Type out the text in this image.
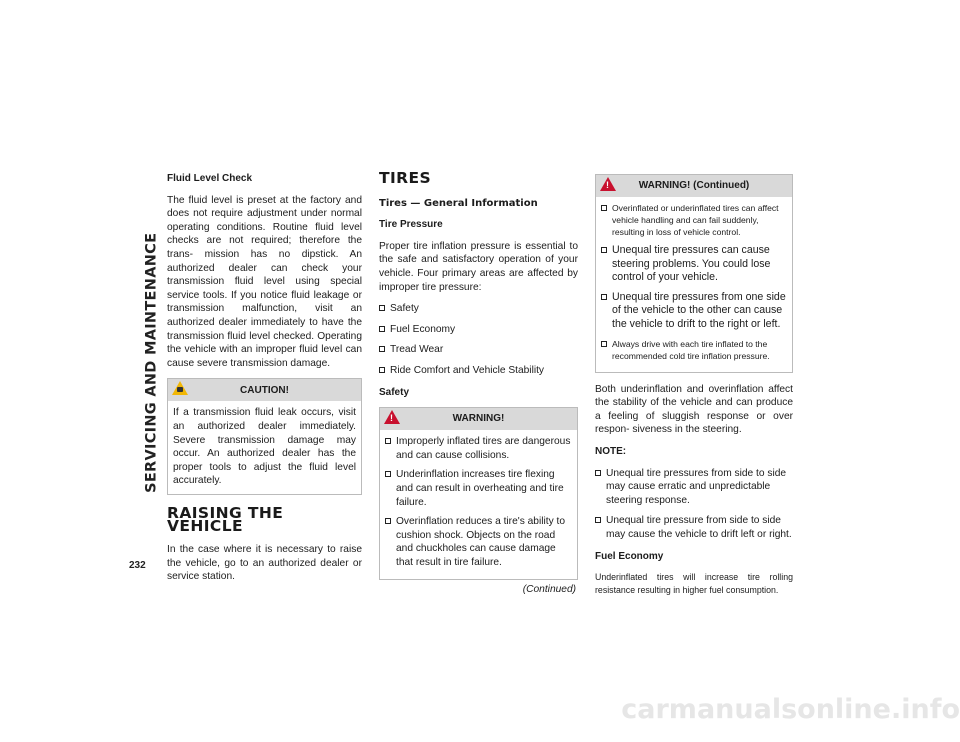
SERVICING AND MAINTENANCE
232
Fluid Level Check

The fluid level is preset at the factory and does not require adjustment under normal operating conditions. Routine fluid level checks are not required; therefore the trans- mission has no dipstick. An authorized dealer can check your transmission fluid level using special service tools. If you notice fluid leakage or transmission malfunction, visit an authorized dealer immediately to have the transmission fluid level checked. Operating the vehicle with an improper fluid level can cause severe transmission damage.

CAUTION!

If a transmission fluid leak occurs, visit an authorized dealer immediately. Severe transmission damage may occur. An authorized dealer has the proper tools to adjust the fluid level accurately.

RAISING THE VEHICLE

In the case where it is necessary to raise the vehicle, go to an authorized dealer or service station.

TIRES
Tires — General Information
Tire Pressure

Proper tire inflation pressure is essential to the safe and satisfactory operation of your vehicle. Four primary areas are affected by improper tire pressure:

Safety
Fuel Economy
Tread Wear
Ride Comfort and Vehicle Stability
Safety
!
WARNING!
Improperly inflated tires are dangerous and can cause collisions.
Underinflation increases tire flexing and can result in overheating and tire failure.
Overinflation reduces a tire's ability to cushion shock. Objects on the road and chuckholes can cause damage that result in tire failure.
(Continued)
!
WARNING! (Continued)
Overinflated or underinflated tires can affect vehicle handling and can fail suddenly, resulting in loss of vehicle control.
Unequal tire pressures can cause steering problems. You could lose control of your vehicle.
Unequal tire pressures from one side of the vehicle to the other can cause the vehicle to drift to the right or left.
Always drive with each tire inflated to the recommended cold tire inflation pressure.

Both underinflation and overinflation affect the stability of the vehicle and can produce a feeling of sluggish response or over respon- siveness in the steering.

NOTE:
Unequal tire pressures from side to side may cause erratic and unpredictable steering response.
Unequal tire pressure from side to side may cause the vehicle to drift left or right.
Fuel Economy

Underinflated tires will increase tire rolling resistance resulting in higher fuel consumption.

carmanualsonline.info
